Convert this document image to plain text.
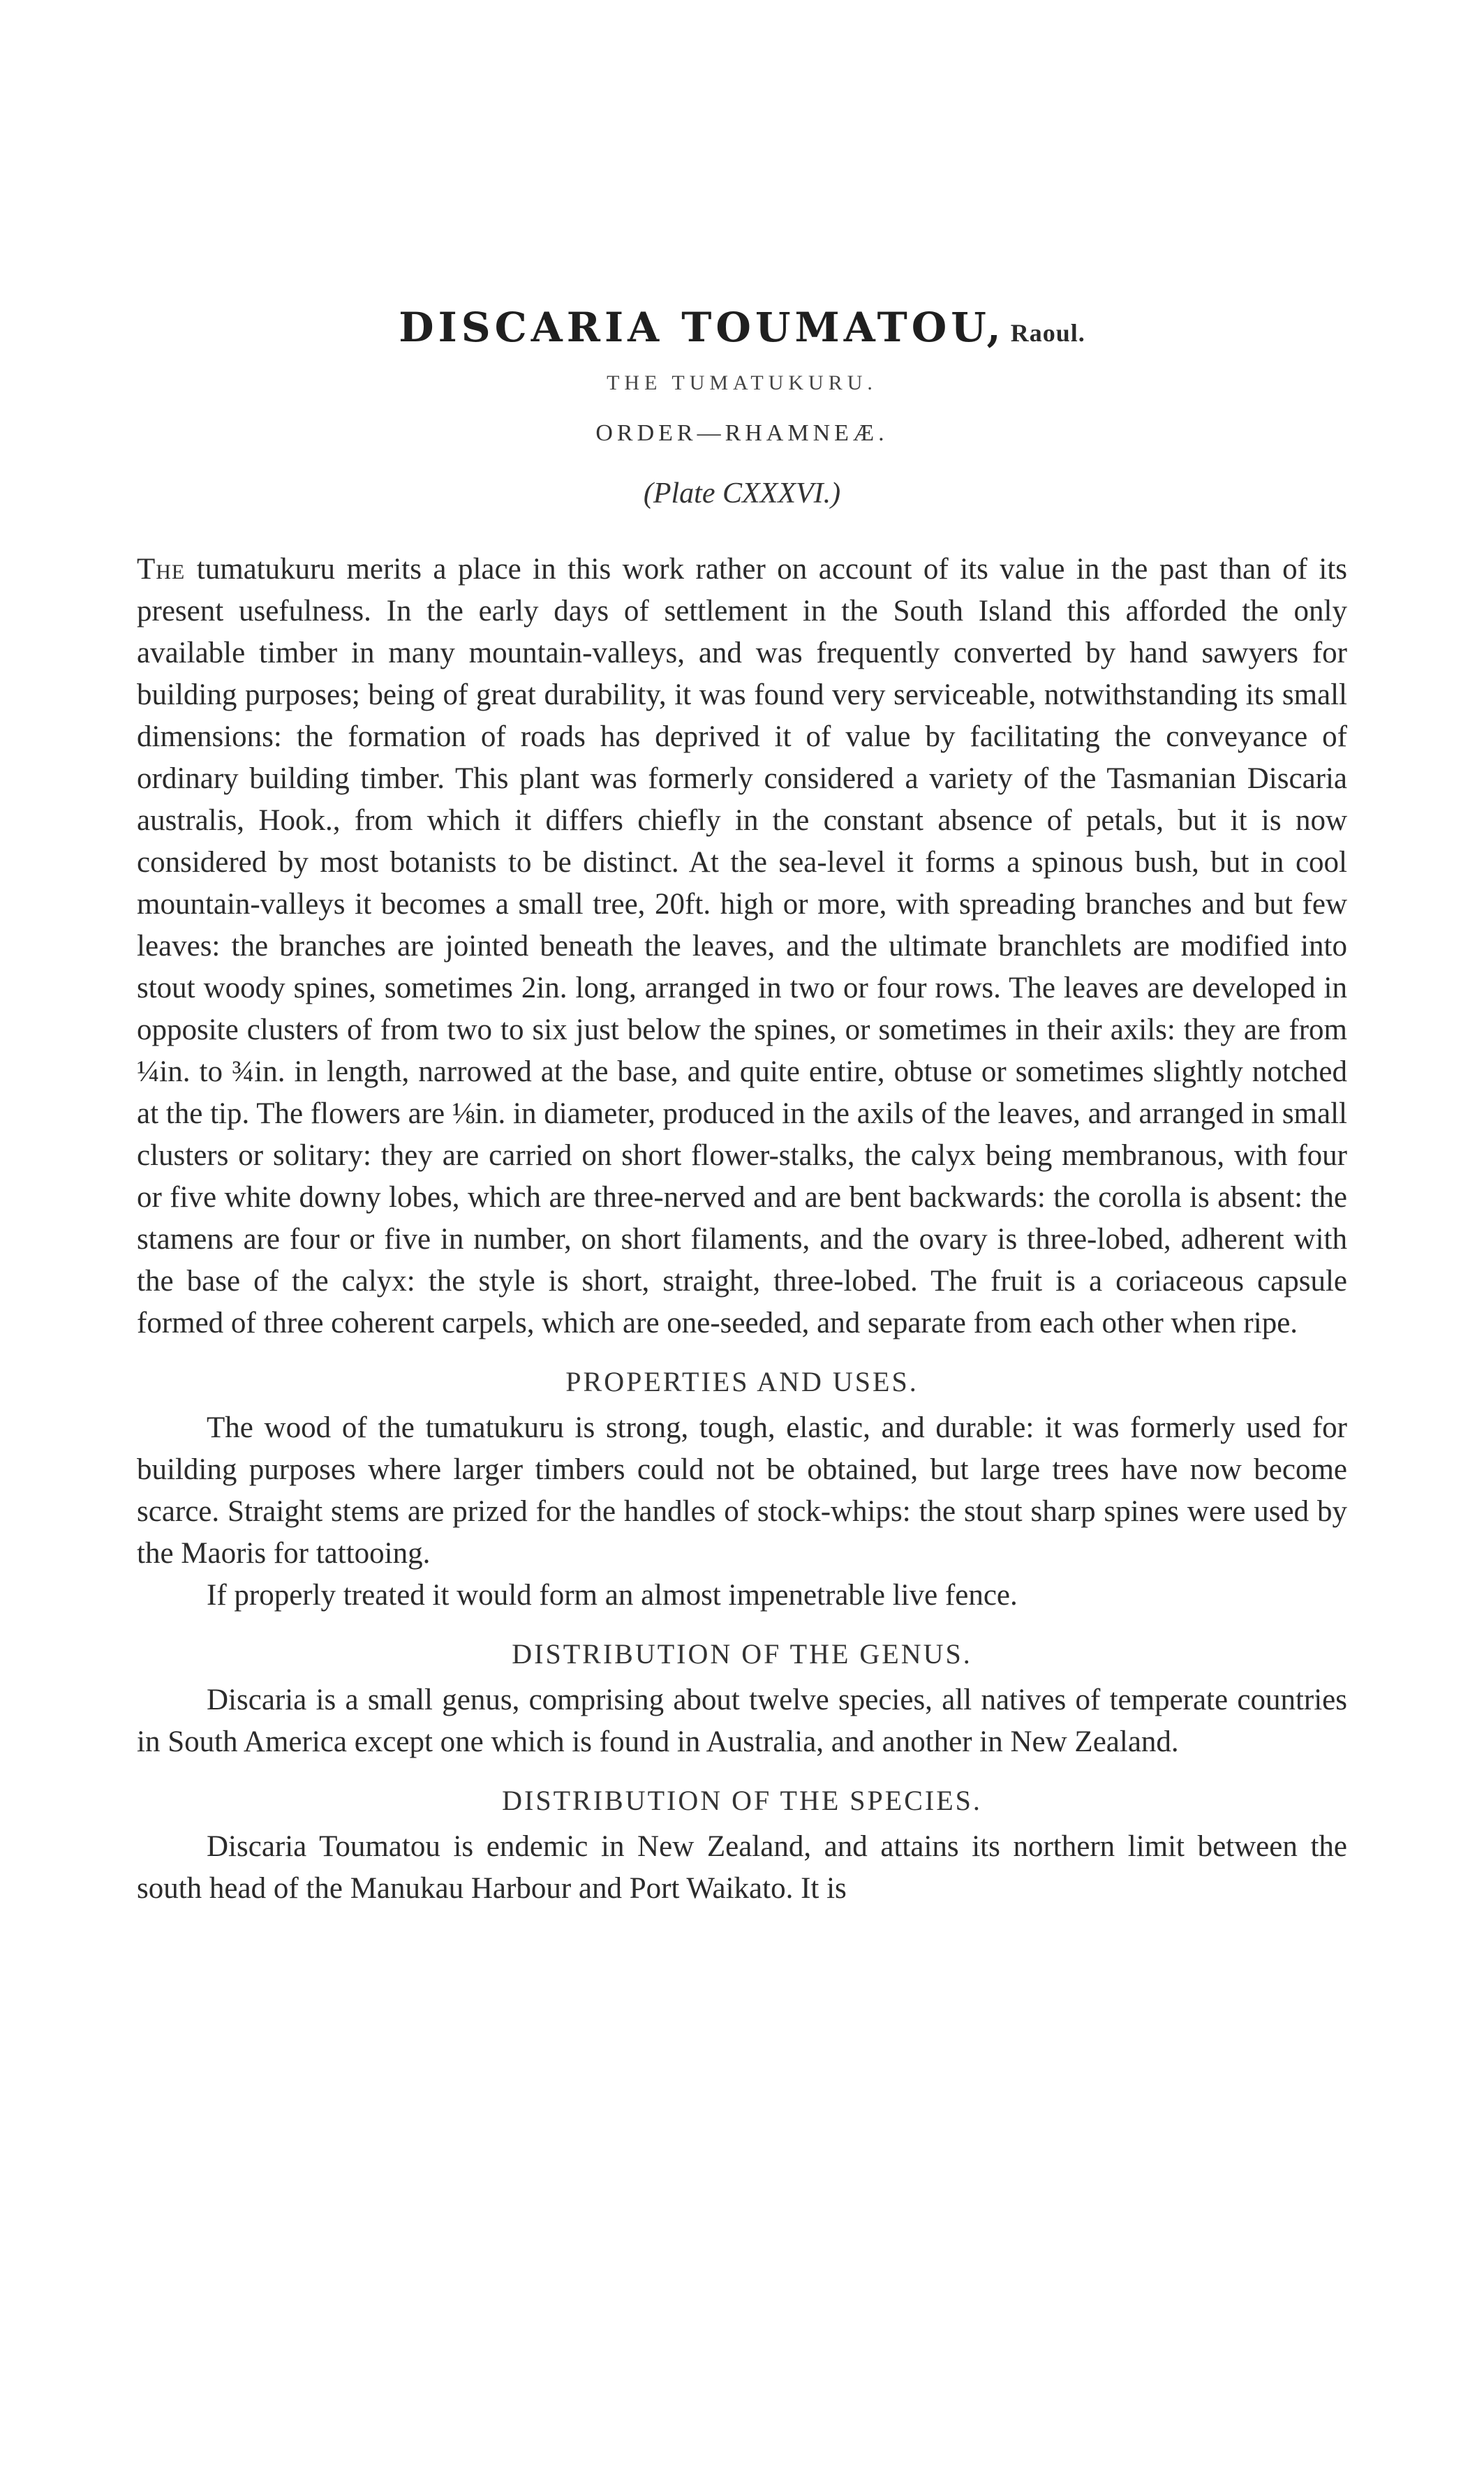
DISCARIA TOUMATOU, Raoul.
THE TUMATUKURU.
ORDER—RHAMNEÆ.
(Plate CXXXVI.)

The tumatukuru merits a place in this work rather on account of its value in the past than of its present usefulness. In the early days of settlement in the South Island this afforded the only available timber in many mountain-valleys, and was frequently converted by hand sawyers for building purposes; being of great durability, it was found very serviceable, notwithstanding its small dimensions: the formation of roads has deprived it of value by facilitating the conveyance of ordinary building timber. This plant was formerly considered a variety of the Tasmanian Discaria australis, Hook., from which it differs chiefly in the constant absence of petals, but it is now considered by most botanists to be distinct. At the sea-level it forms a spinous bush, but in cool mountain-valleys it becomes a small tree, 20ft. high or more, with spreading branches and but few leaves: the branches are jointed beneath the leaves, and the ultimate branchlets are modified into stout woody spines, sometimes 2in. long, arranged in two or four rows. The leaves are developed in opposite clusters of from two to six just below the spines, or sometimes in their axils: they are from ¼in. to ¾in. in length, narrowed at the base, and quite entire, obtuse or sometimes slightly notched at the tip. The flowers are ⅛in. in diameter, produced in the axils of the leaves, and arranged in small clusters or solitary: they are carried on short flower-stalks, the calyx being membranous, with four or five white downy lobes, which are three-nerved and are bent backwards: the corolla is absent: the stamens are four or five in number, on short filaments, and the ovary is three-lobed, adherent with the base of the calyx: the style is short, straight, three-lobed. The fruit is a coriaceous capsule formed of three coherent carpels, which are one-seeded, and separate from each other when ripe.

PROPERTIES AND USES.

The wood of the tumatukuru is strong, tough, elastic, and durable: it was formerly used for building purposes where larger timbers could not be obtained, but large trees have now become scarce. Straight stems are prized for the handles of stock-whips: the stout sharp spines were used by the Maoris for tattooing.

If properly treated it would form an almost impenetrable live fence.

DISTRIBUTION OF THE GENUS.

Discaria is a small genus, comprising about twelve species, all natives of temperate countries in South America except one which is found in Australia, and another in New Zealand.

DISTRIBUTION OF THE SPECIES.

Discaria Toumatou is endemic in New Zealand, and attains its northern limit between the south head of the Manukau Harbour and Port Waikato. It is
